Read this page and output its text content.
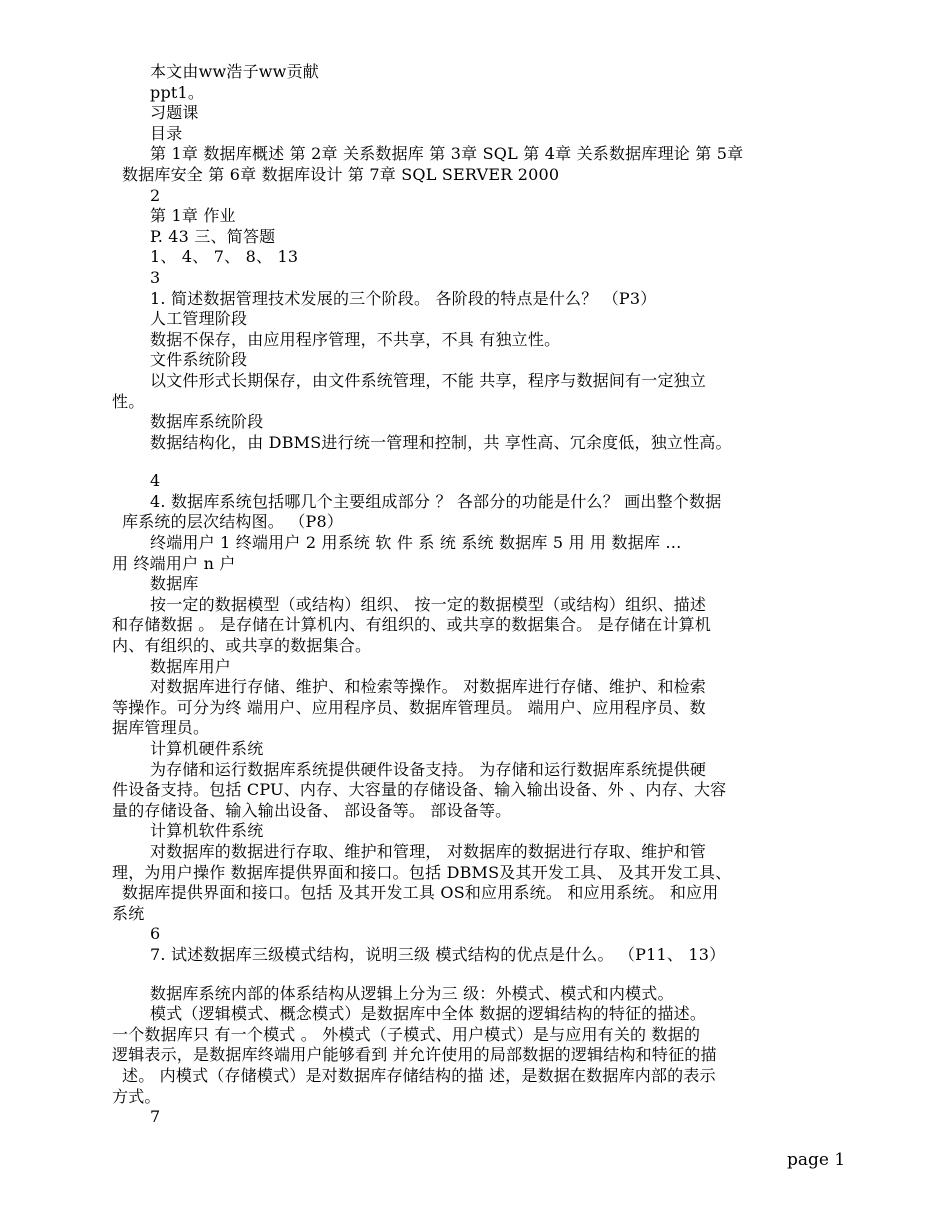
本文由ww浩子ww贡献
ppt1。
习题课
目录
第 1章 数据库概述 第 2章 关系数据库 第 3章 SQL 第 4章 关系数据库理论 第 5章
数据库安全 第 6章 数据库设计 第 7章 SQL SERVER 2000
2
第 1章 作业
P. 43 三、简答题
1、 4、 7、 8、 13
3
1. 简述数据管理技术发展的三个阶段。 各阶段的特点是什么？ （P3）
人工管理阶段
数据不保存，由应用程序管理，不共享，不具 有独立性。
文件系统阶段
以文件形式长期保存，由文件系统管理，不能 共享，程序与数据间有一定独立
性。
数据库系统阶段
数据结构化，由 DBMS进行统一管理和控制，共 享性高、冗余度低，独立性高。
4
4. 数据库系统包括哪几个主要组成部分 ？ 各部分的功能是什么？ 画出整个数据
库系统的层次结构图。 （P8）
终端用户 1 终端用户 2 用系统 软 件 系 统 系统 数据库 5 用 用 数据库 …
用 终端用户 n 户
数据库
按一定的数据模型（或结构）组织、 按一定的数据模型（或结构）组织、描述
和存储数据 。 是存储在计算机内、有组织的、或共享的数据集合。 是存储在计算机
内、有组织的、或共享的数据集合。
数据库用户
对数据库进行存储、维护、和检索等操作。 对数据库进行存储、维护、和检索
等操作。可分为终 端用户、应用程序员、数据库管理员。 端用户、应用程序员、数
据库管理员。
计算机硬件系统
为存储和运行数据库系统提供硬件设备支持。 为存储和运行数据库系统提供硬
件设备支持。包括 CPU、内存、大容量的存储设备、输入输出设备、外 、内存、大容
量的存储设备、输入输出设备、 部设备等。 部设备等。
计算机软件系统
对数据库的数据进行存取、维护和管理， 对数据库的数据进行存取、维护和管
理，为用户操作 数据库提供界面和接口。包括 DBMS及其开发工具、 及其开发工具、
数据库提供界面和接口。包括 及其开发工具 OS和应用系统。 和应用系统。 和应用
系统
6
7. 试述数据库三级模式结构，说明三级 模式结构的优点是什么。 （P11、 13）
数据库系统内部的体系结构从逻辑上分为三 级：外模式、模式和内模式。
模式（逻辑模式、概念模式）是数据库中全体 数据的逻辑结构的特征的描述。
一个数据库只 有一个模式 。 外模式（子模式、用户模式）是与应用有关的 数据的
逻辑表示，是数据库终端用户能够看到 并允许使用的局部数据的逻辑结构和特征的描
述。 内模式（存储模式）是对数据库存储结构的描 述，是数据在数据库内部的表示
方式。
7
page 1
